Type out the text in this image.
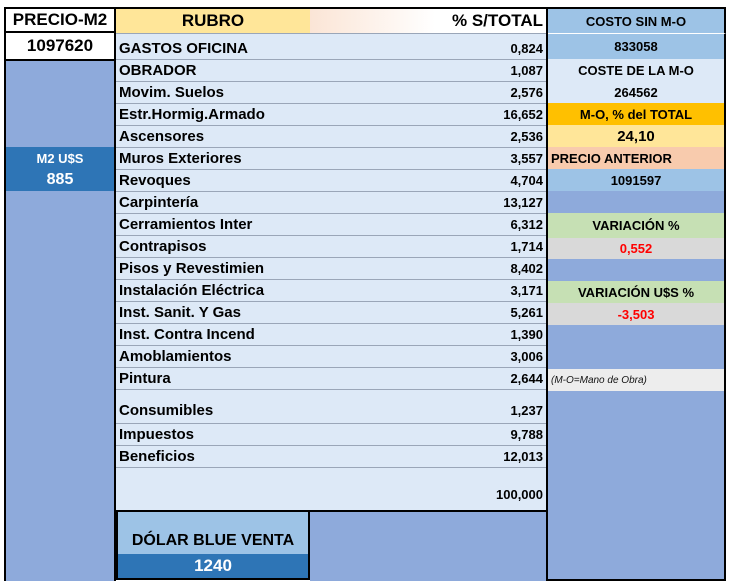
PRECIO-M2
1097620
M2 U$S
885
RUBRO	% S/TOTAL
GASTOS OFICINA	0,824
OBRADOR	1,087
Movim. Suelos	2,576
Estr.Hormig.Armado	16,652
Ascensores	2,536
Muros Exteriores	3,557
Revoques	4,704
Carpintería	13,127
Cerramientos Inter	6,312
Contrapisos	1,714
Pisos y Revestimien	8,402
Instalación Eléctrica	3,171
Inst. Sanit. Y Gas	5,261
Inst. Contra Incend	1,390
Amoblamientos	3,006
Pintura	2,644
Consumibles	1,237
Impuestos	9,788
Beneficios	12,013
100,000
DÓLAR BLUE VENTA
1240
COSTO SIN M-O
833058
COSTE DE LA M-O
264562
M-O, % del TOTAL
24,10
PRECIO ANTERIOR
1091597
VARIACIÓN %
0,552
VARIACIÓN U$S %
-3,503
(M-O=Mano de Obra)
